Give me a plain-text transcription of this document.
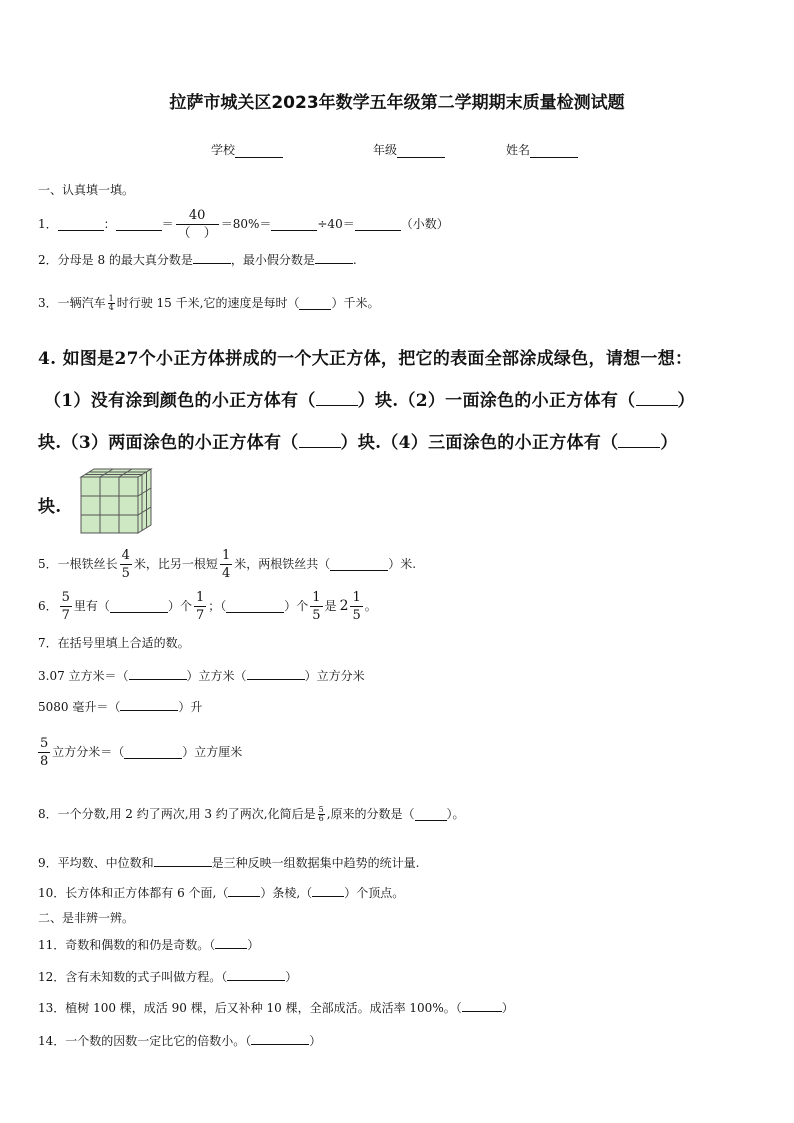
拉萨市城关区2023年数学五年级第二学期期末质量检测试题
学校	年级	姓名
一、认真填一填。
1．	：	＝ $\frac{40}{( )} =80\%=$	÷40＝	（小数）
2．分母是 8 的最大真分数是	，最小假分数是	.
3．一辆汽车 $\frac{1}{4}$ 时行驶 15 千米,它的速度是每时（	）千米。
4. 如图是27个小正方体拼成的一个大正方体，把它的表面全部涂成绿色，请想一想：
（1）没有涂到颜色的小正方体有（ ）块.（2）一面涂色的小正方体有（ ）
块.（3）两面涂色的小正方体有（ ）块.（4）三面涂色的小正方体有（ ）
块.
5．一根铁丝长 $\frac{4}{5}$ 米，比另一根短 $\frac{1}{4}$ 米，两根铁丝共（	）米.
6． $\frac{5}{7}$ 里有（	）个 $\frac{1}{7}$ ；（	）个 $\frac{1}{5}$ 是 $2 \frac{1}{5}$ 。
7．在括号里填上合适的数。
3.07 立方米＝（	）立方米（	）立方分米
5080 毫升＝（	）升
$\frac{5}{8}$ 立方分米＝（	）立方厘米
8．一个分数,用 2 约了两次,用 3 约了两次,化简后是 $\frac{5}{6}$ ,原来的分数是（	）。
9．平均数、中位数和	是三种反映一组数据集中趋势的统计量.
10．长方体和正方体都有 6 个面,（	）条棱,（	）个顶点。
二、是非辨一辨。
11．奇数和偶数的和仍是奇数。（	）
12．含有未知数的式子叫做方程。（	）
13．植树 100 棵，成活 90 棵，后又补种 10 棵，全部成活。成活率 100%。（	）
14．一个数的因数一定比它的倍数小。（	）
